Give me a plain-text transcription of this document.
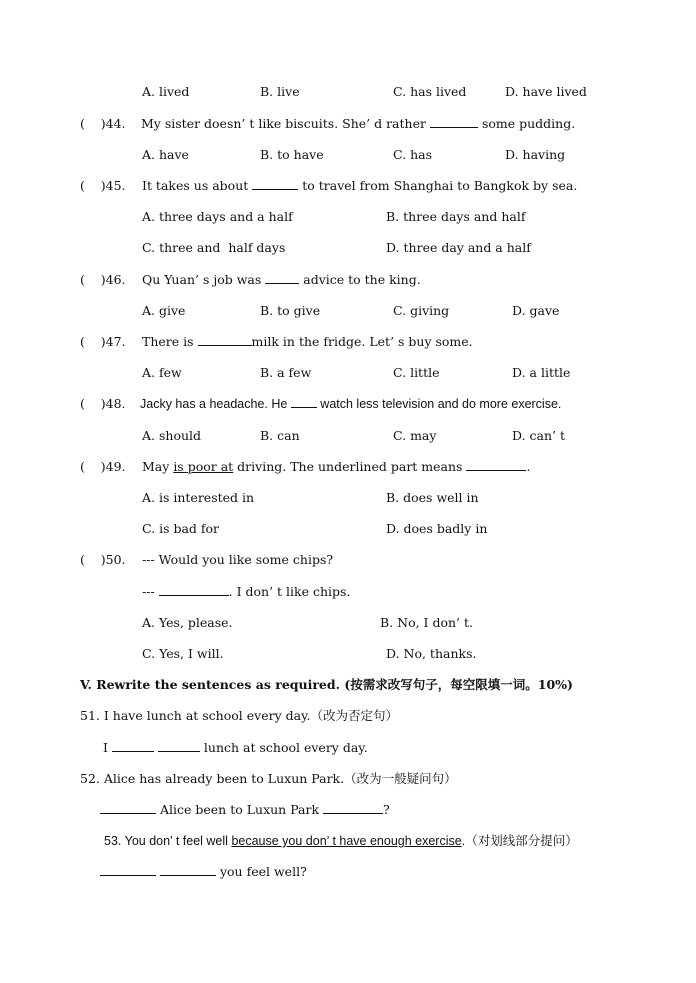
A. lived	B. live	C. has lived	D. have lived
(    )44. My sister doesn’ t like biscuits. She’ d rather	some pudding.
A. have	B. to have	C. has	D. having
(    )45. It takes us about	to travel from Shanghai to Bangkok by sea.
A. three days and a half	B. three days and half
C. three and  half days	D. three day and a half
(    )46. Qu Yuan’ s job was	advice to the king.
A. give	B. to give	C. giving	D. gave
(    )47. There is	milk in the fridge. Let’ s buy some.
A. few	B. a few	C. little	D. a little
(    )48. Jacky has a headache. He	watch less television and do more exercise.
A. should	B. can	C. may	D. can’ t
(    )49. May is poor at driving. The underlined part means	.
A. is interested in	B. does well in
C. is bad for	D. does badly in
(    )50. --- Would you like some chips?
---	. I don’ t like chips.
A. Yes, please.	B. No, I don’ t.
C. Yes, I will.	D. No, thanks.
V. Rewrite the sentences as required. (按需求改写句子，每空限填一词。10%)
51. I have lunch at school every day.（改为否定句）
I	lunch at school every day.
52. Alice has already been to Luxun Park.（改为一般疑问句）
Alice been to Luxun Park	?
53. You don’ t feel well because you don’ t have enough exercise.（对划线部分提问）
you feel well?
